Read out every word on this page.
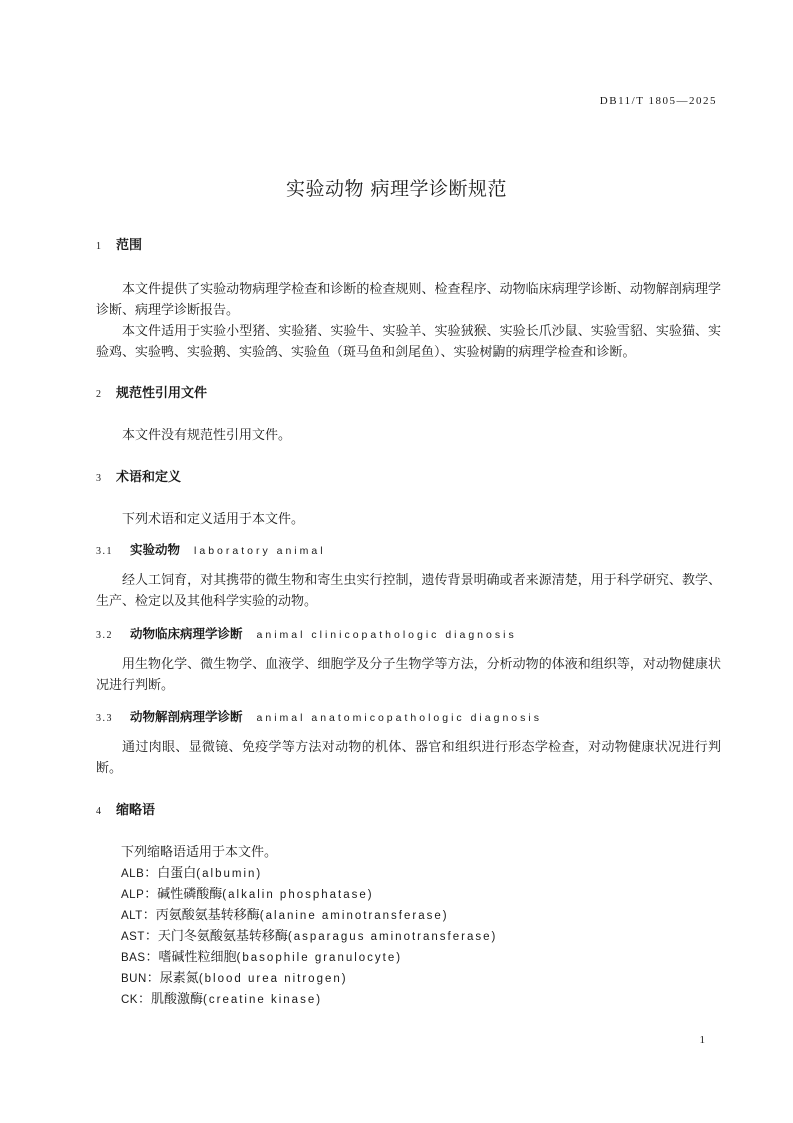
DB11/T 1805—2025
实验动物 病理学诊断规范
1 范围

本文件提供了实验动物病理学检查和诊断的检查规则、检查程序、动物临床病理学诊断、动物解剖病理学诊断、病理学诊断报告。

本文件适用于实验小型猪、实验猪、实验牛、实验羊、实验狨猴、实验长爪沙鼠、实验雪貂、实验猫、实验鸡、实验鸭、实验鹅、实验鸽、实验鱼（斑马鱼和剑尾鱼）、实验树鼩的病理学检查和诊断。

2 规范性引用文件

本文件没有规范性引用文件。

3 术语和定义

下列术语和定义适用于本文件。

3.1 实验动物 laboratory animal

经人工饲育，对其携带的微生物和寄生虫实行控制，遗传背景明确或者来源清楚，用于科学研究、教学、生产、检定以及其他科学实验的动物。

3.2 动物临床病理学诊断 animal clinicopathologic diagnosis

用生物化学、微生物学、血液学、细胞学及分子生物学等方法，分析动物的体液和组织等，对动物健康状况进行判断。

3.3 动物解剖病理学诊断 animal anatomicopathologic diagnosis

通过肉眼、显微镜、免疫学等方法对动物的机体、器官和组织进行形态学检查，对动物健康状况进行判断。

4 缩略语
下列缩略语适用于本文件。
ALB：白蛋白(albumin)
ALP：碱性磷酸酶(alkalin phosphatase)
ALT：丙氨酸氨基转移酶(alanine aminotransferase)
AST：天门冬氨酸氨基转移酶(asparagus aminotransferase)
BAS：嗜碱性粒细胞(basophile granulocyte)
BUN：尿素氮(blood urea nitrogen)
CK：肌酸激酶(creatine kinase)
1
